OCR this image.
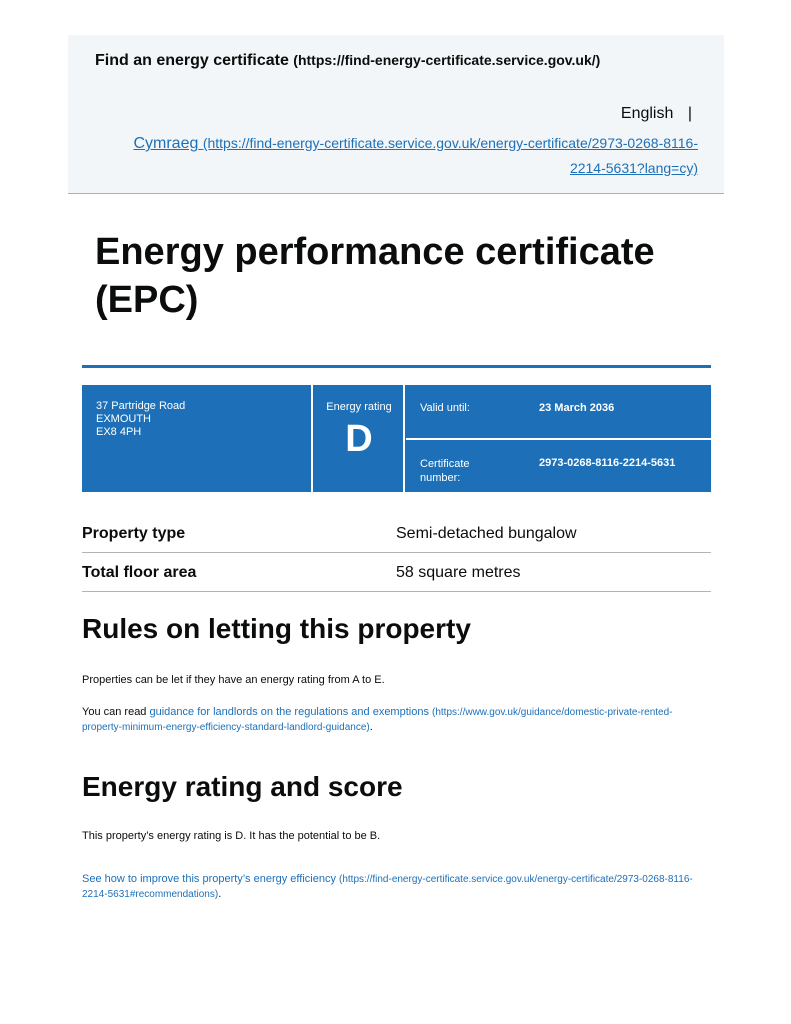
Find an energy certificate (https://find-energy-certificate.service.gov.uk/)
English |
Cymraeg (https://find-energy-certificate.service.gov.uk/energy-certificate/2973-0268-8116-2214-5631?lang=cy)
Energy performance certificate (EPC)
37 Partridge Road
EXMOUTH
EX8 4PH
Energy rating
D
Valid until:	23 March 2036
Certificate number:
2973-0268-8116-2214-5631
Property type	Semi-detached bungalow
Total floor area	58 square metres
Rules on letting this property

Properties can be let if they have an energy rating from A to E.

You can read guidance for landlords on the regulations and exemptions (https://www.gov.uk/guidance/domestic-private-rented-property-minimum-energy-efficiency-standard-landlord-guidance).

Energy rating and score

This property’s energy rating is D. It has the potential to be B.

See how to improve this property’s energy efficiency (https://find-energy-certificate.service.gov.uk/energy-certificate/2973-0268-8116-2214-5631#recommendations).
